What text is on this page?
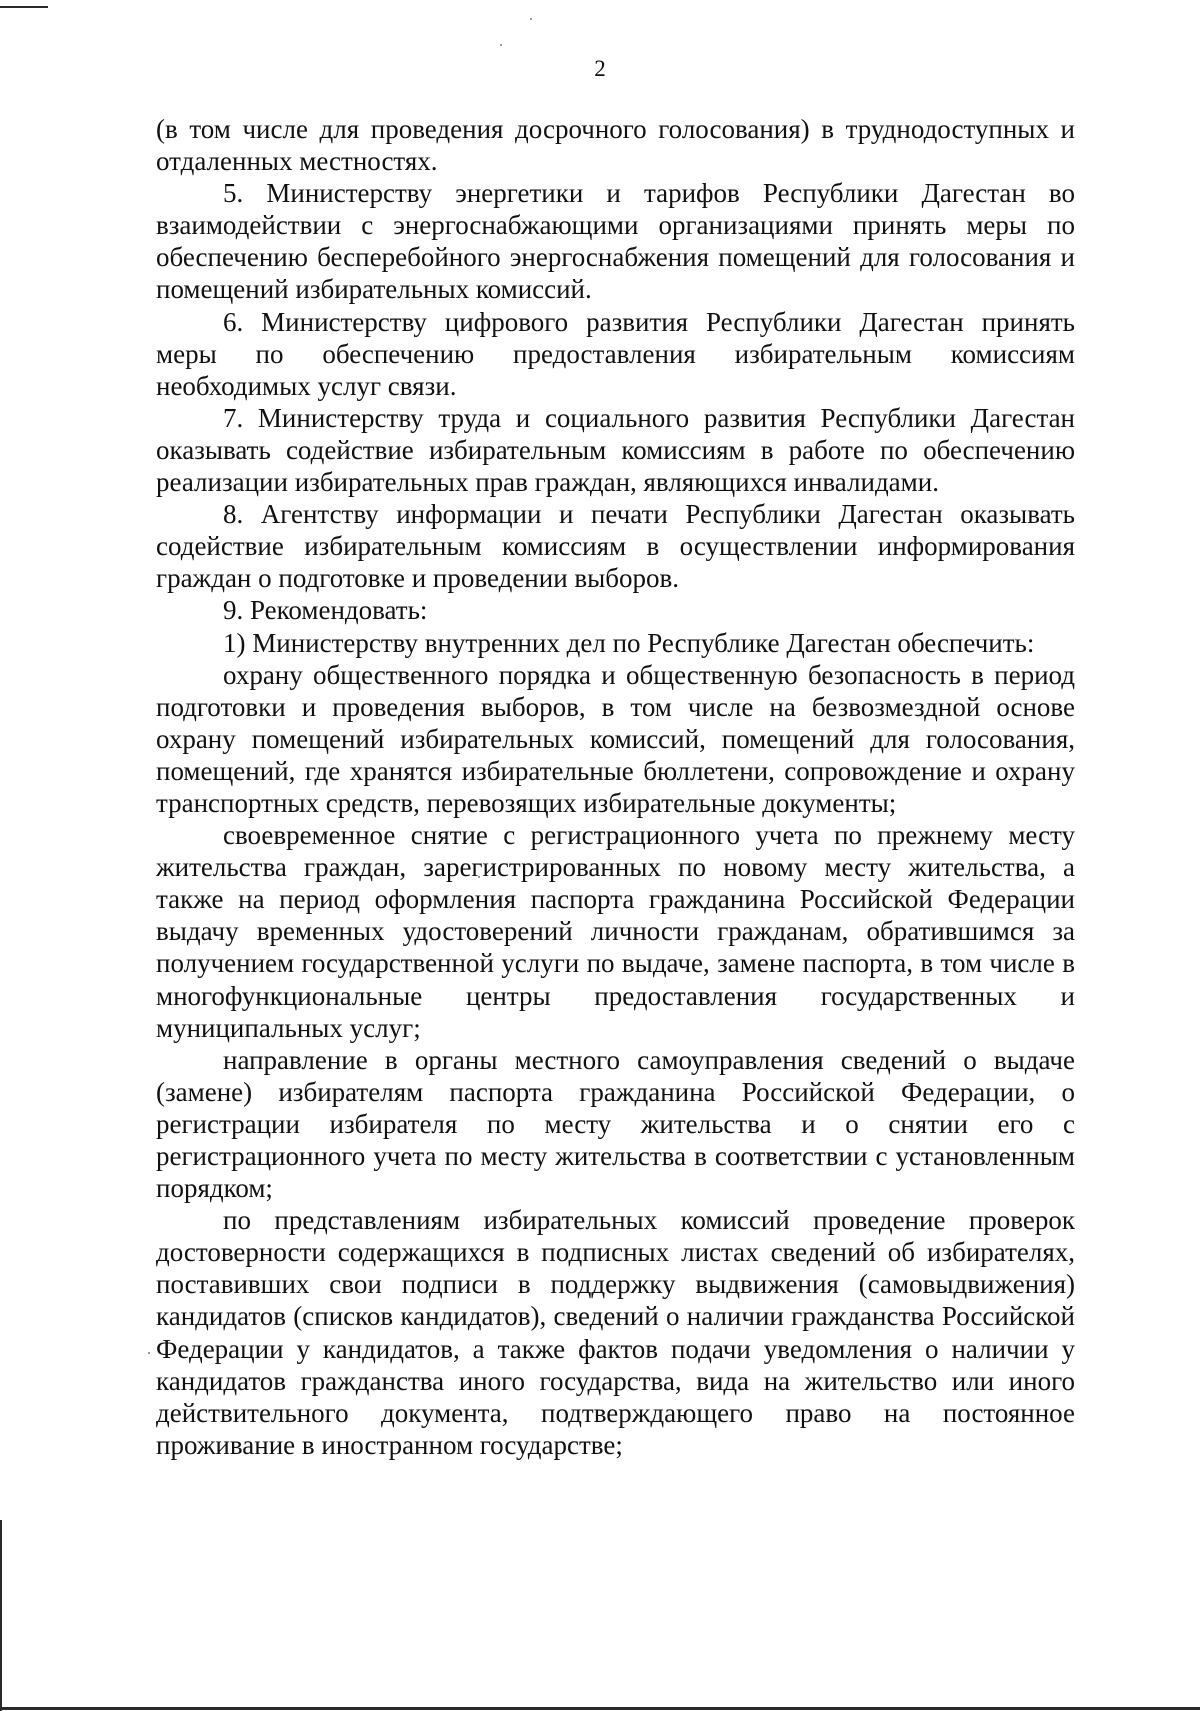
2

(в том числе для проведения досрочного голосования) в труднодоступных и отдаленных местностях.

5. Министерству энергетики и тарифов Республики Дагестан во взаимодействии с энергоснабжающими организациями принять меры по обеспечению бесперебойного энергоснабжения помещений для голосования и помещений избирательных комиссий.

6. Министерству цифрового развития Республики Дагестан принять меры по обеспечению предоставления избирательным комиссиям необходимых услуг связи.

7. Министерству труда и социального развития Республики Дагестан оказывать содействие избирательным комиссиям в работе по обеспечению реализации избирательных прав граждан, являющихся инвалидами.

8. Агентству информации и печати Республики Дагестан оказывать содействие избирательным комиссиям в осуществлении информирования граждан о подготовке и проведении выборов.

9. Рекомендовать:

1) Министерству внутренних дел по Республике Дагестан обеспечить:

охрану общественного порядка и общественную безопасность в период подготовки и проведения выборов, в том числе на безвозмездной основе охрану помещений избирательных комиссий, помещений для голосования, помещений, где хранятся избирательные бюллетени, сопровождение и охрану транспортных средств, перевозящих избирательные документы;

своевременное снятие с регистрационного учета по прежнему месту жительства граждан, зарегистрированных по новому месту жительства, а также на период оформления паспорта гражданина Российской Федерации выдачу временных удостоверений личности гражданам, обратившимся за получением государственной услуги по выдаче, замене паспорта, в том числе в многофункциональные центры предоставления государственных и муниципальных услуг;

направление в органы местного самоуправления сведений о выдаче (замене) избирателям паспорта гражданина Российской Федерации, о регистрации избирателя по месту жительства и о снятии его с регистрационного учета по месту жительства в соответствии с установленным порядком;

по представлениям избирательных комиссий проведение проверок достоверности содержащихся в подписных листах сведений об избирателях, поставивших свои подписи в поддержку выдвижения (самовыдвижения) кандидатов (списков кандидатов), сведений о наличии гражданства Российской Федерации у кандидатов, а также фактов подачи уведомления о наличии у кандидатов гражданства иного государства, вида на жительство или иного действительного документа, подтверждающего право на постоянное проживание в иностранном государстве;
